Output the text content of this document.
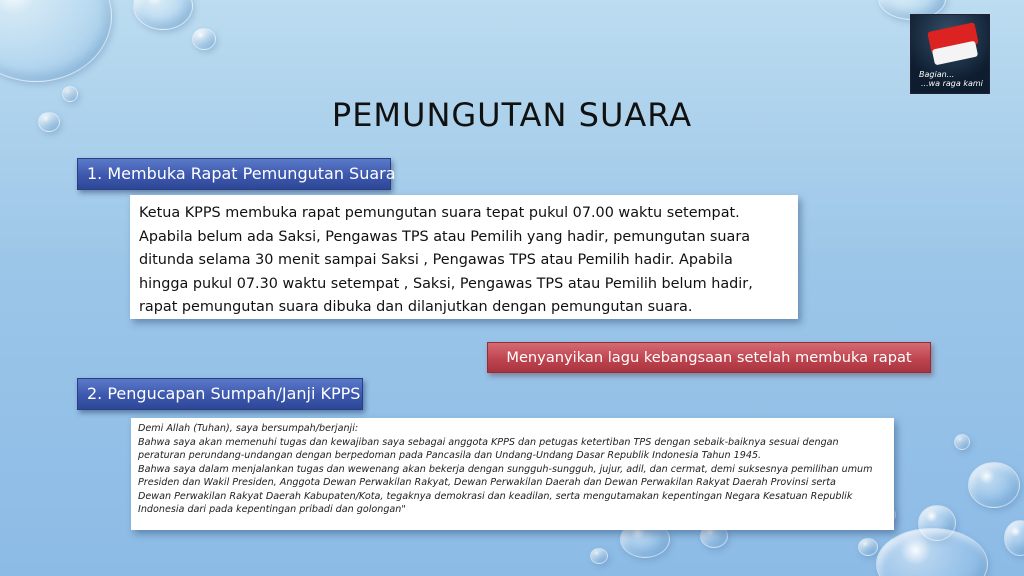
Bagian...
...wa raga kami
PEMUNGUTAN SUARA
1. Membuka Rapat Pemungutan Suara
Ketua KPPS membuka rapat pemungutan suara tepat pukul 07.00 waktu setempat.
Apabila belum ada Saksi, Pengawas TPS atau Pemilih yang hadir, pemungutan suara
ditunda selama 30 menit sampai Saksi , Pengawas TPS atau Pemilih hadir. Apabila
hingga pukul 07.30 waktu setempat , Saksi, Pengawas TPS atau Pemilih belum hadir,
rapat pemungutan suara dibuka dan dilanjutkan dengan pemungutan suara.
Menyanyikan lagu kebangsaan setelah membuka rapat
2. Pengucapan Sumpah/Janji KPPS
Demi Allah (Tuhan), saya bersumpah/berjanji:
Bahwa saya akan memenuhi tugas dan kewajiban saya sebagai anggota KPPS dan petugas ketertiban TPS dengan sebaik-baiknya sesuai dengan
peraturan perundang-undangan dengan berpedoman pada Pancasila dan Undang-Undang Dasar Republik Indonesia Tahun 1945.
Bahwa saya dalam menjalankan tugas dan wewenang akan bekerja dengan sungguh-sungguh, jujur, adil, dan cermat, demi suksesnya pemilihan umum
Presiden dan Wakil Presiden, Anggota Dewan Perwakilan Rakyat, Dewan Perwakilan Daerah dan Dewan Perwakilan Rakyat Daerah Provinsi serta
Dewan Perwakilan Rakyat Daerah Kabupaten/Kota, tegaknya demokrasi dan keadilan, serta mengutamakan kepentingan Negara Kesatuan Republik
Indonesia dari pada kepentingan pribadi dan golongan"
